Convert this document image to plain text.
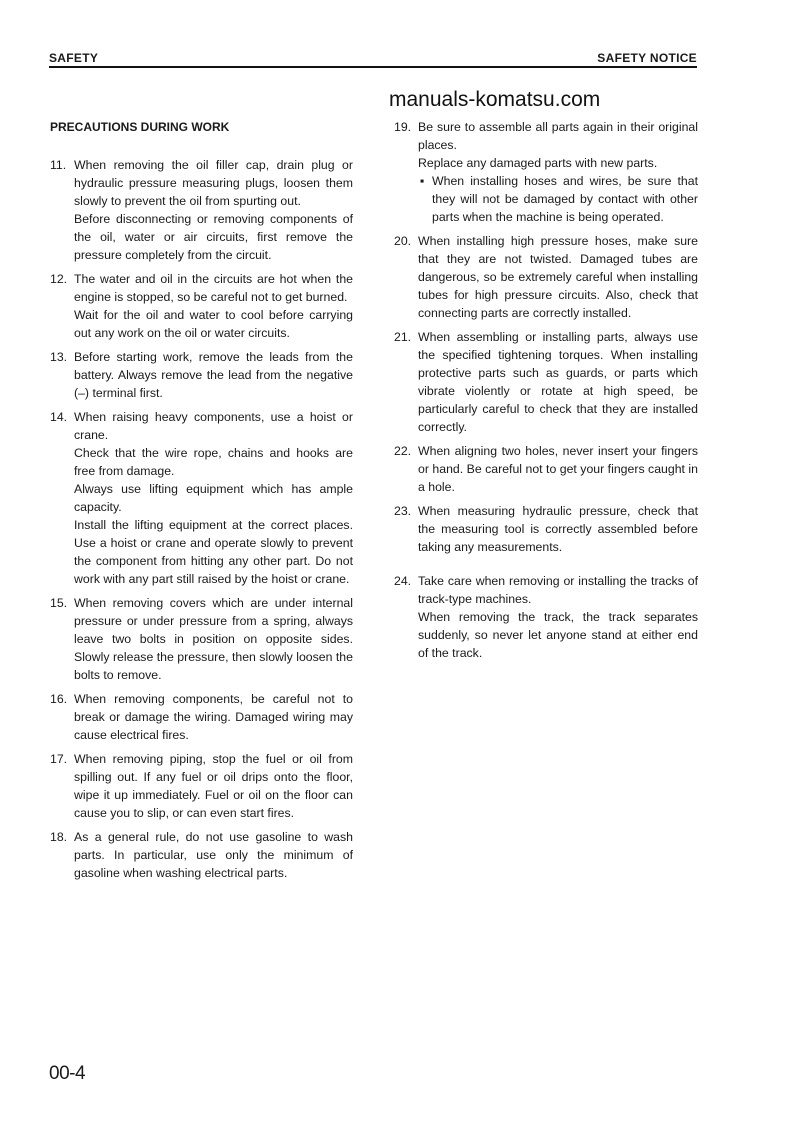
SAFETY	SAFETY NOTICE
manuals-komatsu.com
PRECAUTIONS DURING WORK
11. When removing the oil filler cap, drain plug or hydraulic pressure measuring plugs, loosen them slowly to prevent the oil from spurting out.

Before disconnecting or removing components of the oil, water or air circuits, first remove the pressure completely from the circuit.

12. The water and oil in the circuits are hot when the engine is stopped, so be careful not to get burned.

Wait for the oil and water to cool before carrying out any work on the oil or water circuits.

13. Before starting work, remove the leads from the battery. Always remove the lead from the negative (–) terminal first.

14. When raising heavy components, use a hoist or crane.

Check that the wire rope, chains and hooks are free from damage.

Always use lifting equipment which has ample capacity.

Install the lifting equipment at the correct places. Use a hoist or crane and operate slowly to prevent the component from hitting any other part. Do not work with any part still raised by the hoist or crane.

15. When removing covers which are under internal pressure or under pressure from a spring, always leave two bolts in position on opposite sides. Slowly release the pressure, then slowly loosen the bolts to remove.

16. When removing components, be careful not to break or damage the wiring. Damaged wiring may cause electrical fires.

17. When removing piping, stop the fuel or oil from spilling out. If any fuel or oil drips onto the floor, wipe it up immediately. Fuel or oil on the floor can cause you to slip, or can even start fires.

18. As a general rule, do not use gasoline to wash parts. In particular, use only the minimum of gasoline when washing electrical parts.

19. Be sure to assemble all parts again in their original places.

Replace any damaged parts with new parts.

▪ When installing hoses and wires, be sure that they will not be damaged by contact with other parts when the machine is being operated.

20. When installing high pressure hoses, make sure that they are not twisted. Damaged tubes are dangerous, so be extremely careful when installing tubes for high pressure circuits. Also, check that connecting parts are correctly installed.

21. When assembling or installing parts, always use the specified tightening torques. When installing protective parts such as guards, or parts which vibrate violently or rotate at high speed, be particularly careful to check that they are installed correctly.

22. When aligning two holes, never insert your fingers or hand. Be careful not to get your fingers caught in a hole.

23. When measuring hydraulic pressure, check that the measuring tool is correctly assembled before taking any measurements.

24. Take care when removing or installing the tracks of track-type machines.

When removing the track, the track separates suddenly, so never let anyone stand at either end of the track.

00-4
